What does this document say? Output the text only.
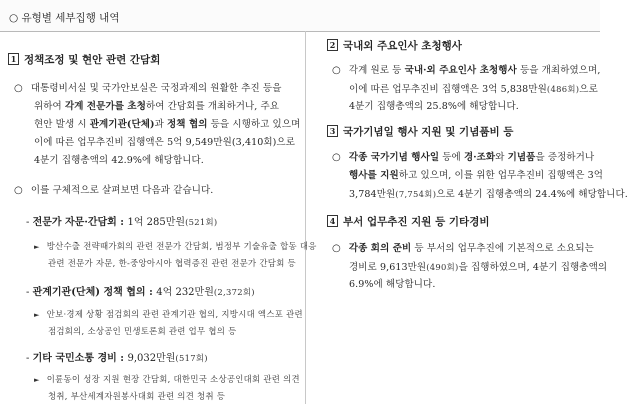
○ 유형별 세부집행 내역
1 정책조정 및 현안 관련 간담회
○ 대통령비서실 및 국가안보실은 국정과제의 원활한 추진 등을
위하여 각계 전문가를 초청하여 간담회를 개최하거나, 주요
현안 발생 시 관계기관(단체)과 정책 협의 등을 시행하고 있으며
이에 따른 업무추진비 집행액은 5억 9,549만원(3,410회)으로
4분기 집행총액의 42.9%에 해당합니다.
○ 이를 구체적으로 살펴보면 다음과 같습니다.
- 전문가 자문·간담회 : 1억 285만원(521회)
► 방산수출 전략때가회의 관련 전문가 간담회, 범정부 기술유출 합동 대응
관련 전문가 자문, 한-중앙아시아 협력증진 관련 전문가 간담회 등
- 관계기관(단체) 정책 협의 : 4억 232만원(2,372회)
► 안보·경제 상황 점검회의 관련 관계기관 협의, 지방시대 엑스포 관련
점검회의, 소상공인 민생토론회 관련 업무 협의 등
- 기타 국민소통 경비 : 9,032만원(517회)
► 이륜동이 성장 지원 현장 간담회, 대한민국 소상공인대회 관련 의견
청취, 부산세계자원봉사대회 관련 의견 청취 등
2 국내외 주요인사 초청행사
○ 각계 원로 등 국내·외 주요인사 초청행사 등을 개최하였으며,
이에 따른 업무추진비 집행액은 3억 5,838만원(486회)으로
4분기 집행총액의 25.8%에 해당합니다.
3 국가기념일 행사 지원 및 기념품비 등
○ 각종 국가기념 행사일 등에 경·조화와 기념품을 증정하거나
행사를 지원하고 있으며, 이를 위한 업무추진비 집행액은 3억
3,784만원(7,754회)으로 4분기 집행총액의 24.4%에 해당합니다.
4 부서 업무추진 지원 등 기타경비
○ 각종 회의 준비 등 부서의 업무추진에 기본적으로 소요되는
경비로 9,613만원(490회)을 집행하였으며, 4분기 집행총액의
6.9%에 해당합니다.
